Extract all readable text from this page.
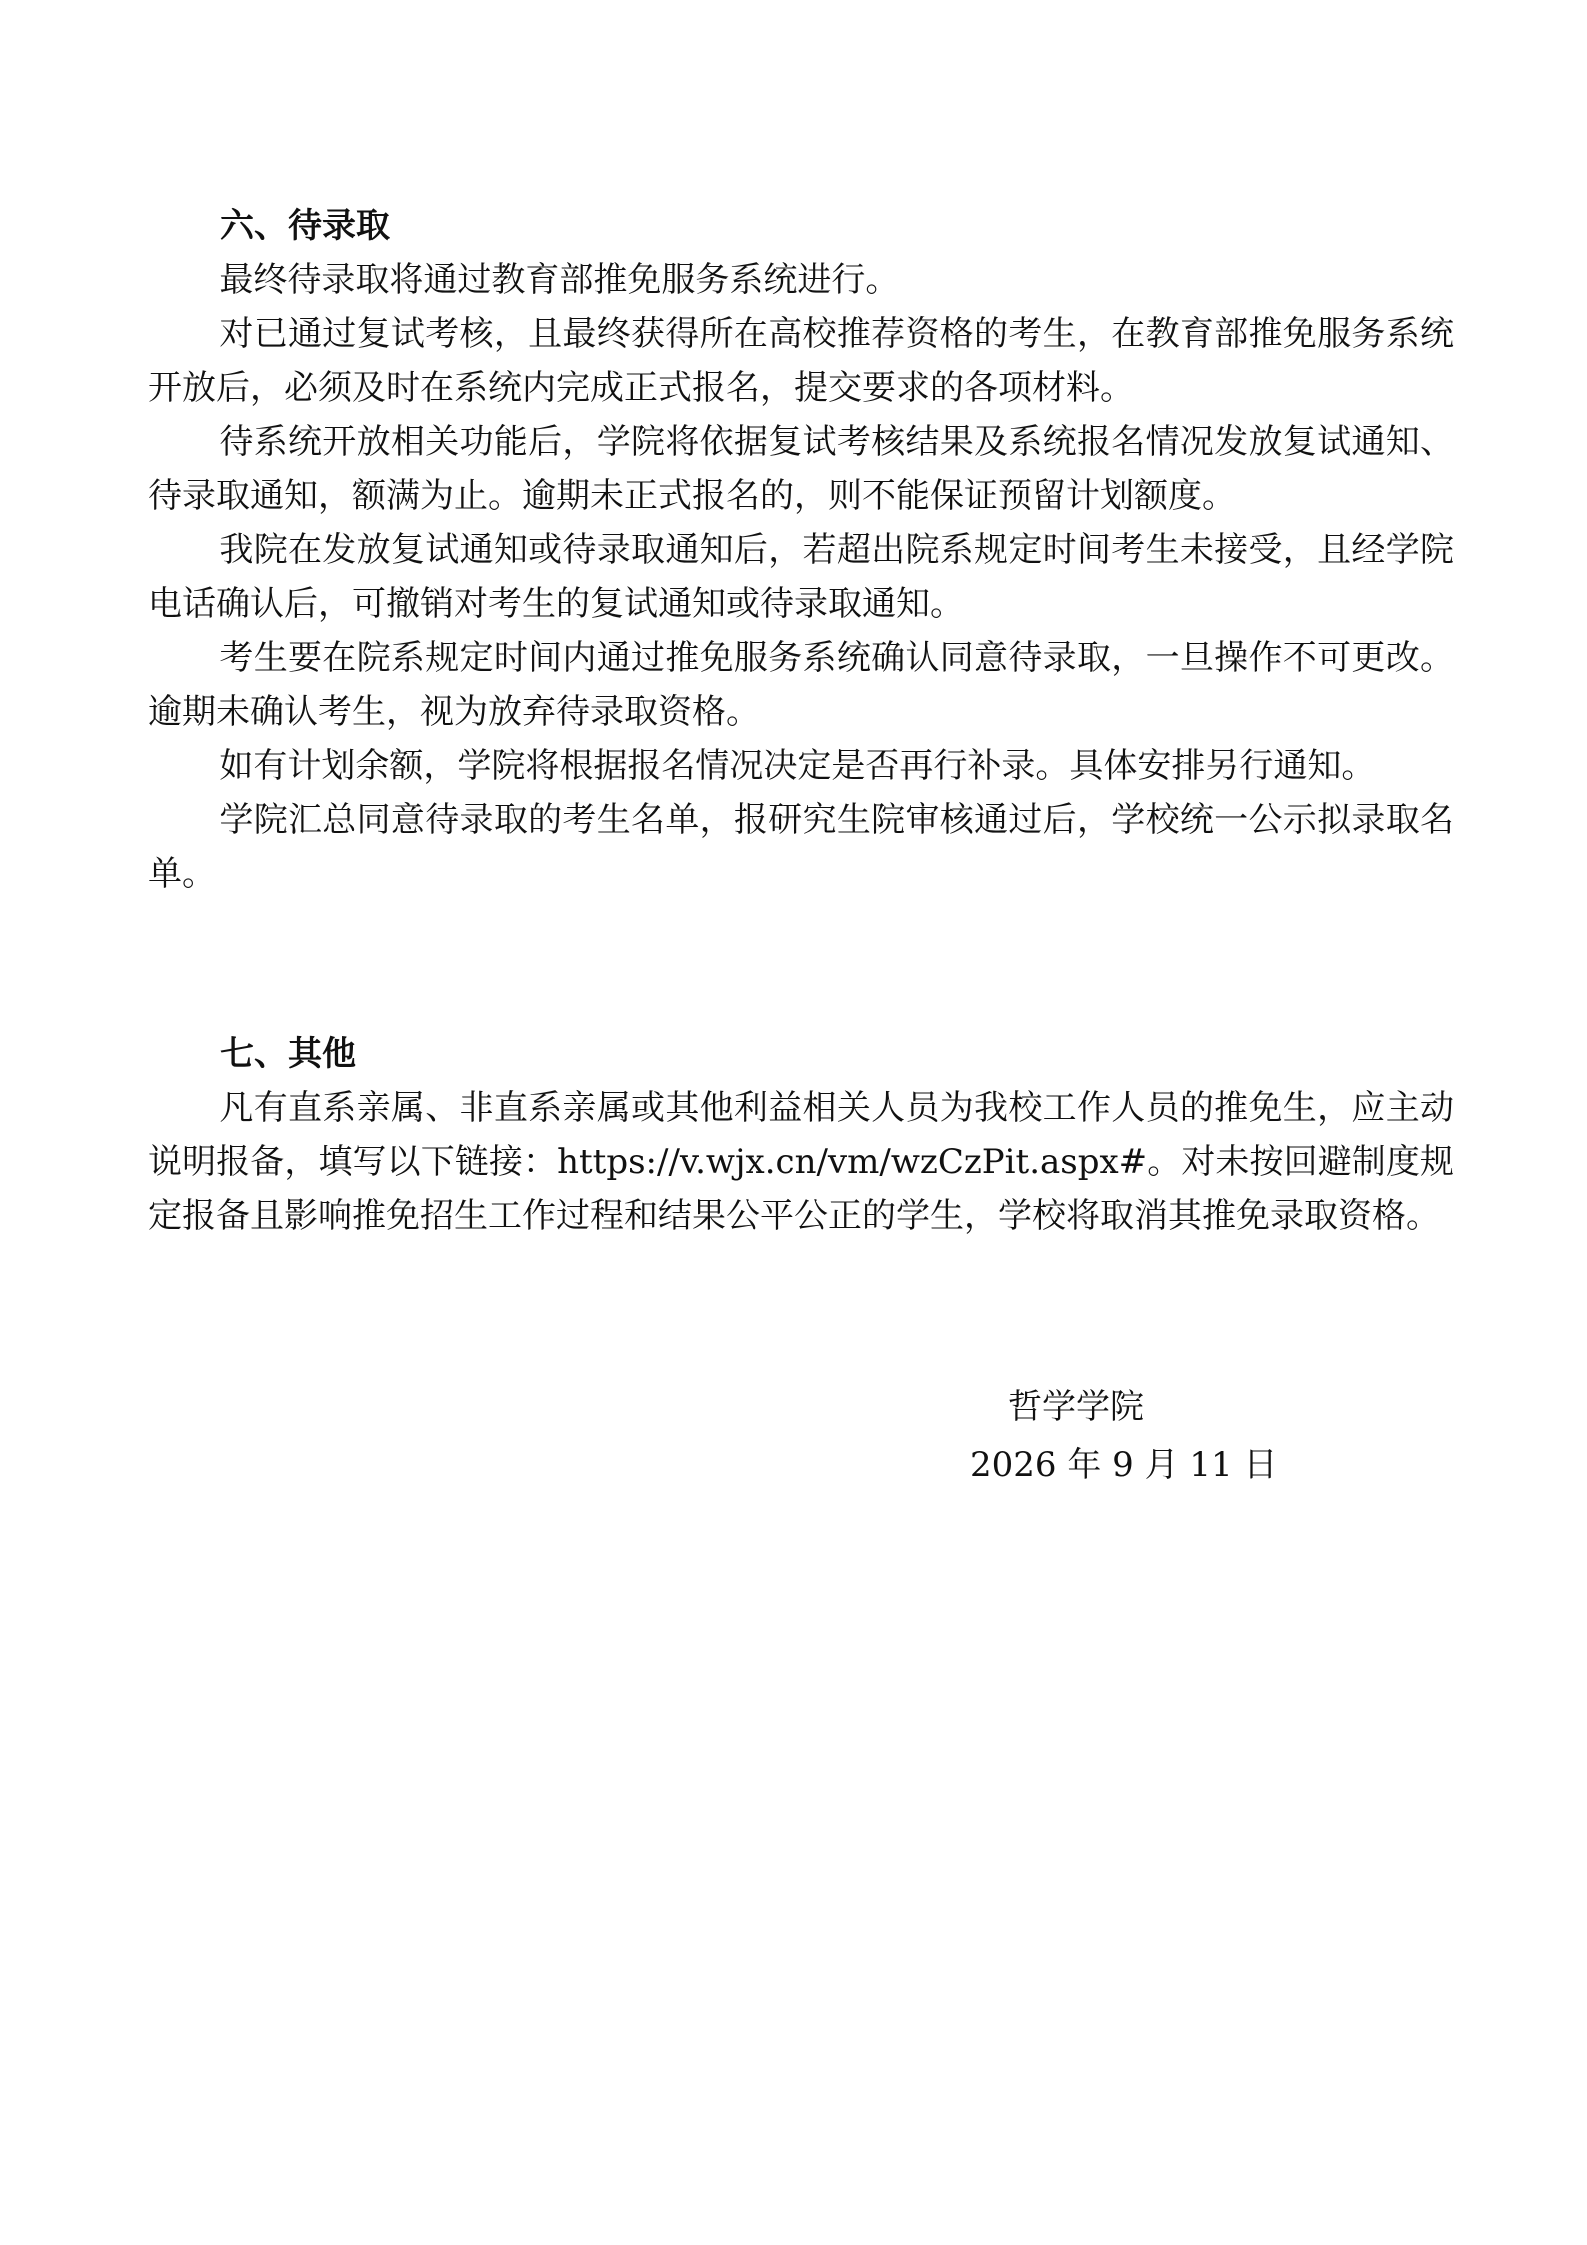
六、待录取

最终待录取将通过教育部推免服务系统进行。

对已通过复试考核，且最终获得所在高校推荐资格的考生，在教育部推免服务系统开放后，必须及时在系统内完成正式报名，提交要求的各项材料。

待系统开放相关功能后，学院将依据复试考核结果及系统报名情况发放复试通知、待录取通知，额满为止。逾期未正式报名的，则不能保证预留计划额度。

我院在发放复试通知或待录取通知后，若超出院系规定时间考生未接受，且经学院电话确认后，可撤销对考生的复试通知或待录取通知。

考生要在院系规定时间内通过推免服务系统确认同意待录取，一旦操作不可更改。逾期未确认考生，视为放弃待录取资格。

如有计划余额，学院将根据报名情况决定是否再行补录。具体安排另行通知。

学院汇总同意待录取的考生名单，报研究生院审核通过后，学校统一公示拟录取名单。

七、其他

凡有直系亲属、非直系亲属或其他利益相关人员为我校工作人员的推免生，应主动说明报备，填写以下链接：https://v.wjx.cn/vm/wzCzPit.aspx#。对未按回避制度规定报备且影响推免招生工作过程和结果公平公正的学生，学校将取消其推免录取资格。

哲学学院
2026 年 9 月 11 日
